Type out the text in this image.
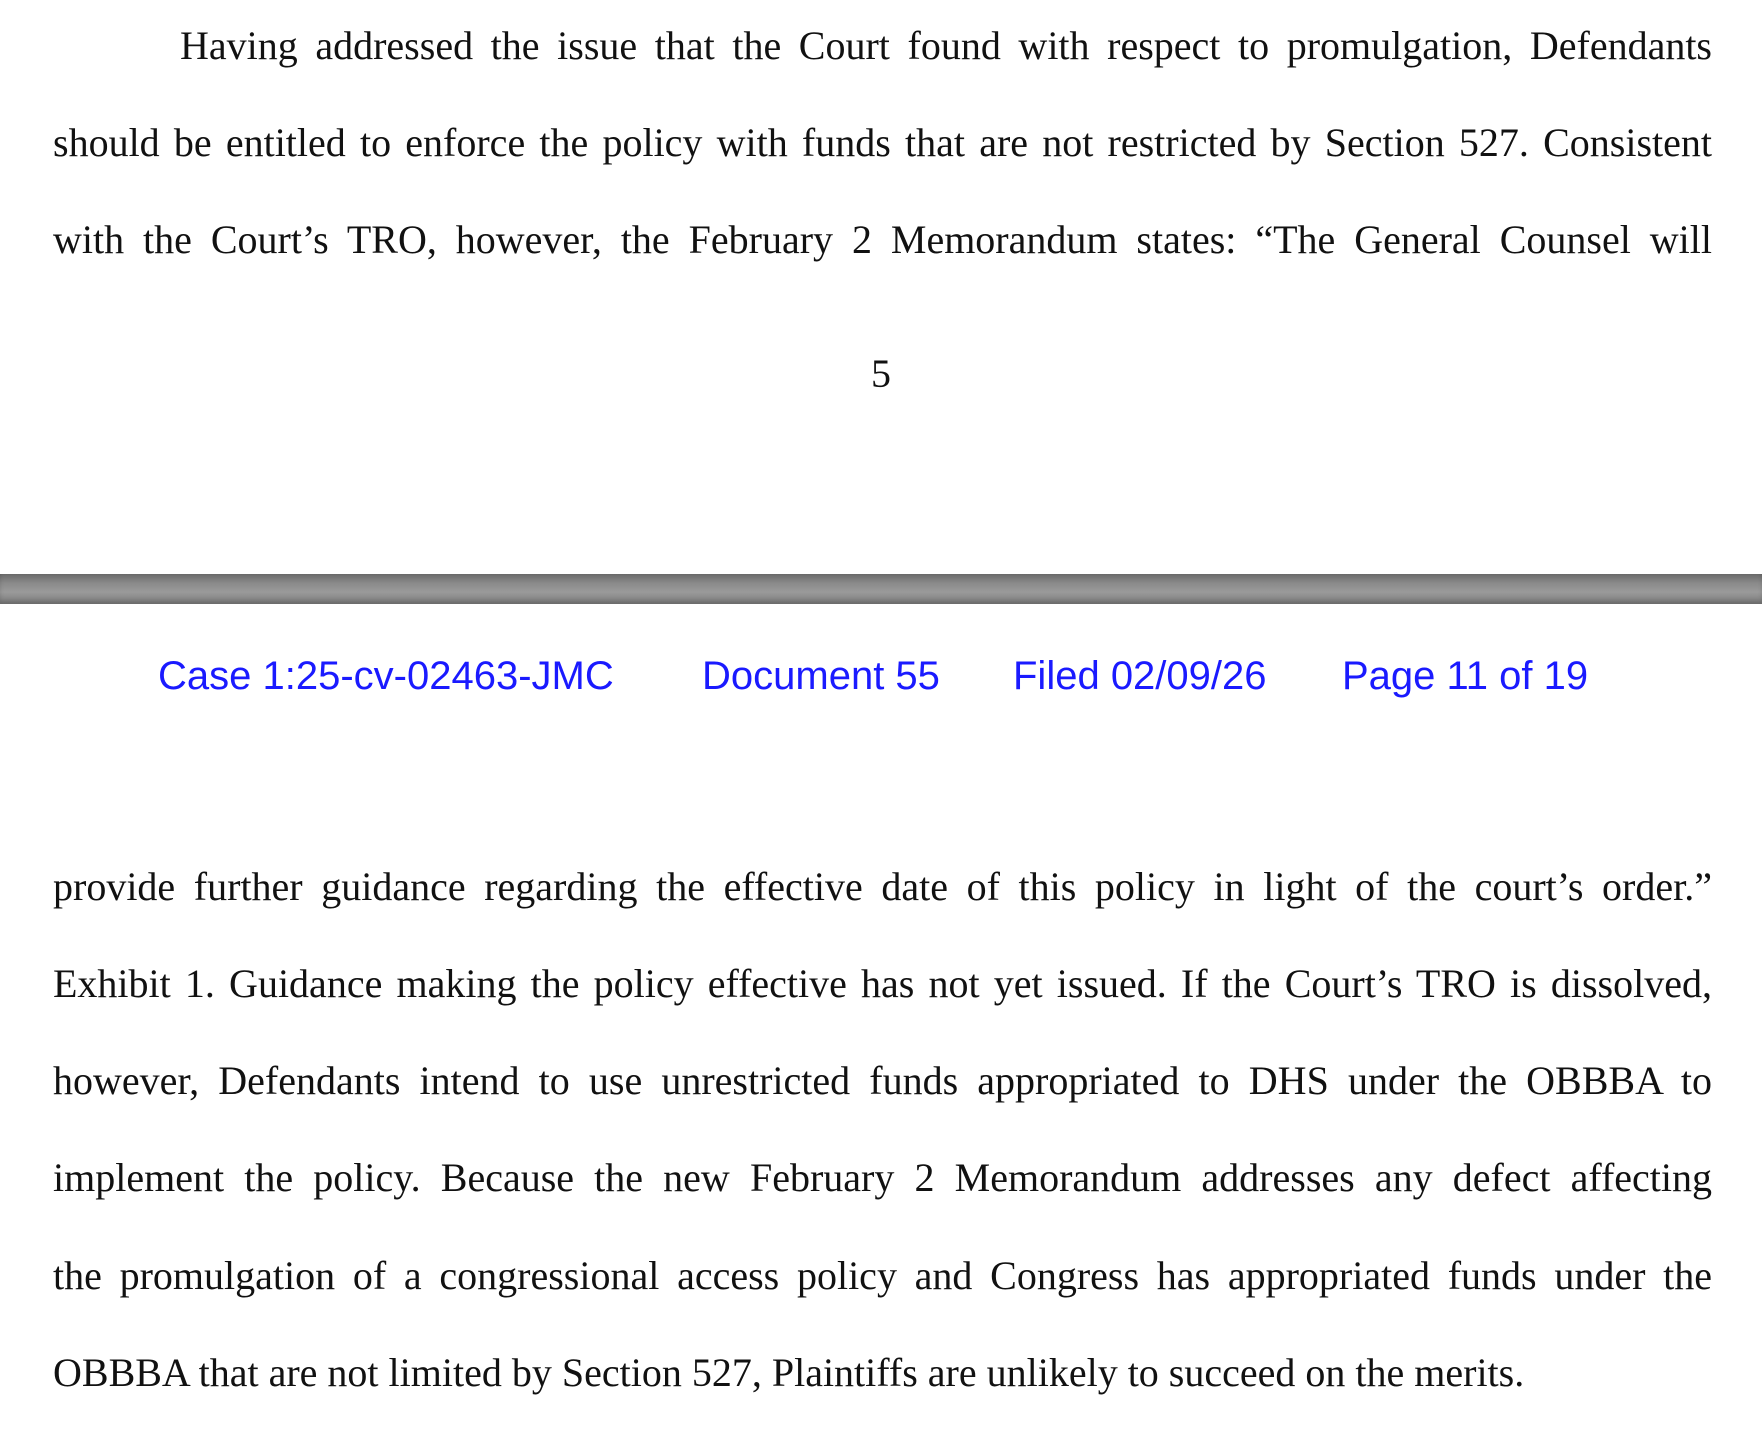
Having addressed the issue that the Court found with respect to promulgation, Defendants
should be entitled to enforce the policy with funds that are not restricted by Section 527. Consistent
with the Court’s TRO, however, the February 2 Memorandum states: “The General Counsel will
5
Case 1:25-cv-02463-JMC Document 55 Filed 02/09/26 Page 11 of 19
provide further guidance regarding the effective date of this policy in light of the court’s order.”
Exhibit 1. Guidance making the policy effective has not yet issued. If the Court’s TRO is dissolved,
however, Defendants intend to use unrestricted funds appropriated to DHS under the OBBBA to
implement the policy. Because the new February 2 Memorandum addresses any defect affecting
the promulgation of a congressional access policy and Congress has appropriated funds under the
OBBBA that are not limited by Section 527, Plaintiffs are unlikely to succeed on the merits.
